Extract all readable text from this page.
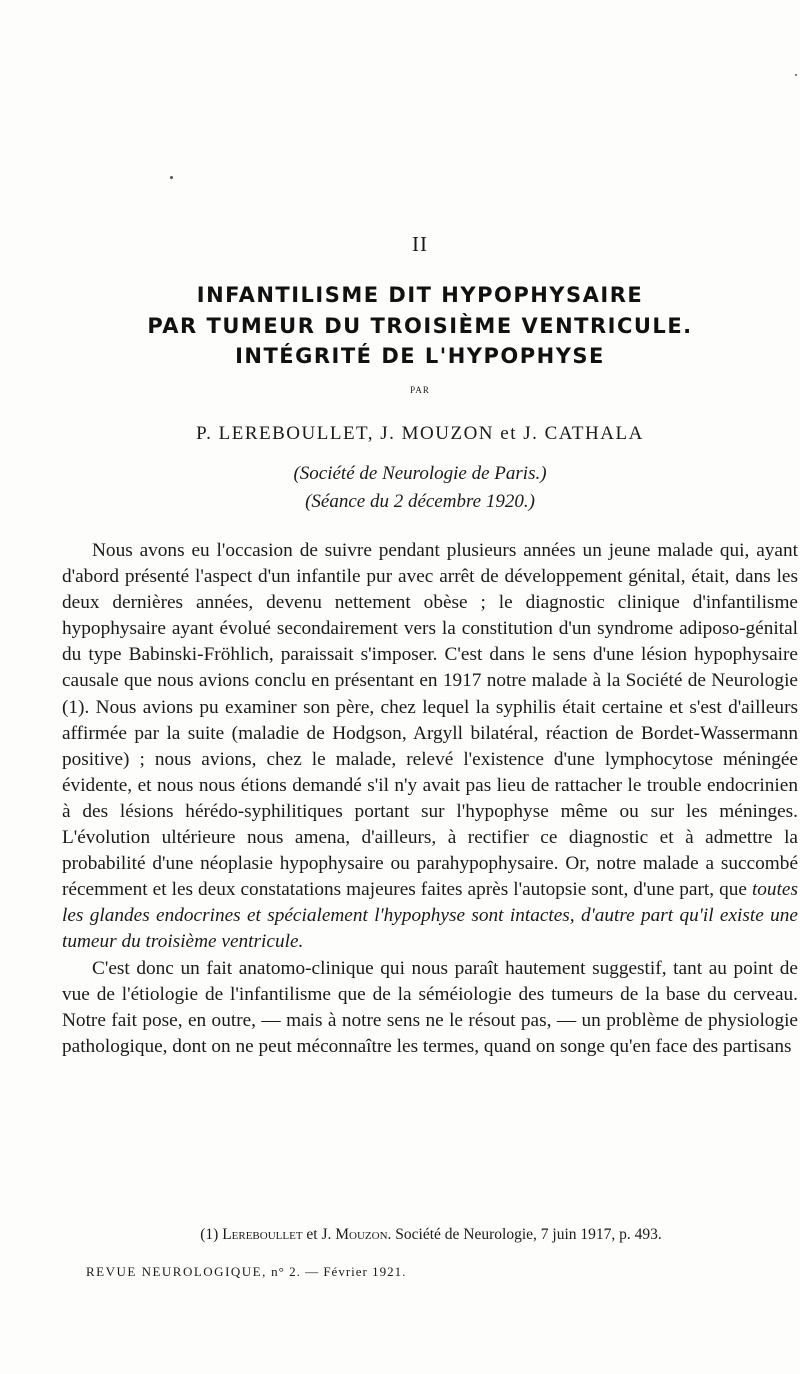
II
INFANTILISME DIT HYPOPHYSAIRE
PAR TUMEUR DU TROISIÈME VENTRICULE.
INTÉGRITÉ DE L'HYPOPHYSE
PAR
P. LEREBOULLET, J. MOUZON et J. CATHALA
(Société de Neurologie de Paris.)
(Séance du 2 décembre 1920.)

Nous avons eu l'occasion de suivre pendant plusieurs années un jeune malade qui, ayant d'abord présenté l'aspect d'un infantile pur avec arrêt de développement génital, était, dans les deux dernières années, devenu nettement obèse ; le diagnostic clinique d'infantilisme hypophysaire ayant évolué secondairement vers la constitution d'un syndrome adiposo-génital du type Babinski-Fröhlich, paraissait s'imposer. C'est dans le sens d'une lésion hypophysaire causale que nous avions conclu en présentant en 1917 notre malade à la Société de Neurologie (1). Nous avions pu examiner son père, chez lequel la syphilis était certaine et s'est d'ailleurs affirmée par la suite (maladie de Hodgson, Argyll bilatéral, réaction de Bordet-Wassermann positive) ; nous avions, chez le malade, relevé l'existence d'une lymphocytose méningée évidente, et nous nous étions demandé s'il n'y avait pas lieu de rattacher le trouble endocrinien à des lésions hérédo-syphilitiques portant sur l'hypophyse même ou sur les méninges. L'évolution ultérieure nous amena, d'ailleurs, à rectifier ce diagnostic et à admettre la probabilité d'une néoplasie hypophysaire ou parahypophysaire. Or, notre malade a succombé récemment et les deux constatations majeures faites après l'autopsie sont, d'une part, que toutes les glandes endocrines et spécialement l'hypophyse sont intactes, d'autre part qu'il existe une tumeur du troisième ventricule.

C'est donc un fait anatomo-clinique qui nous paraît hautement suggestif, tant au point de vue de l'étiologie de l'infantilisme que de la séméiologie des tumeurs de la base du cerveau. Notre fait pose, en outre, — mais à notre sens ne le résout pas, — un problème de physiologie pathologique, dont on ne peut méconnaître les termes, quand on songe qu'en face des partisans

(1) Lereboullet et J. Mouzon. Société de Neurologie, 7 juin 1917, p. 493.
REVUE NEUROLOGIQUE, n° 2. — Février 1921.
